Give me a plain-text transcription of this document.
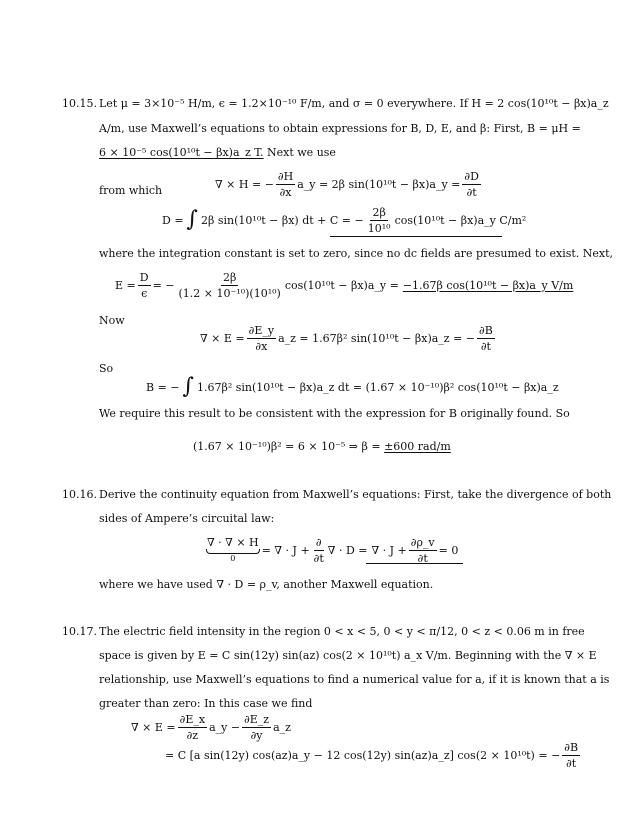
10.15. Let μ = 3×10⁻⁵ H/m, ϵ = 1.2×10⁻¹⁰ F/m, and σ = 0 everywhere. If H = 2 cos(10¹⁰t − βx)a_z
A/m, use Maxwell’s equations to obtain expressions for B, D, E, and β: First, B = μH =
6 × 10⁻⁵ cos(10¹⁰t − βx)a_z T. Next we use
∇ × H = − $\frac{\partial H}{\partial x}$ a_y = 2β sin(10¹⁰t − βx)a_y = $\frac{\partial D}{\partial t}$
from which
D = ∫ 2β sin(10¹⁰t − βx) dt + C = − $\frac{2\beta}{\text{10¹⁰}} \cos(10^{10}t$ − βx)a_y C/m²
where the integration constant is set to zero, since no dc fields are presumed to exist. Next,
$E = \frac{D}{\epsilon}$ = − $\frac{2\beta}{\text{(1.2 × 10⁻¹⁰)(10¹⁰)}} \cos(10^{10}t$ − βx)a_y = −1.67β cos(10¹⁰t − βx)a_y V/m
Now
∇ × $E = \frac{\partial E\_y}{\partial x}$ a_z = 1.67β² sin(10¹⁰t − βx)a_z = − $\frac{\partial B}{\partial t}$
So
B = − ∫ 1.67β² sin(10¹⁰t − βx)a_z dt = (1.67 × 10⁻¹⁰)β² cos(10¹⁰t − βx)a_z
We require this result to be consistent with the expression for B originally found. So
(1.67 × 10⁻¹⁰)β² = 6 × 10⁻⁵ ⇒ β = ±600 rad/m
10.16. Derive the continuity equation from Maxwell’s equations: First, take the divergence of both
sides of Ampere’s circuital law:
∇ · ∇ × H
0
= ∇ · $J + \frac{\partial}{\partial t}$ ∇ · D = ∇ · $J + \frac{\partial\rho\_v}{\partial t} = 0$
where we have used ∇ · D = ρ_v, another Maxwell equation.
10.17. The electric field intensity in the region 0 < x < 5, 0 < y < π/12, 0 < z < 0.06 m in free
space is given by E = C sin(12y) sin(az) cos(2 × 10¹⁰t) a_x V/m. Beginning with the ∇ × E
relationship, use Maxwell’s equations to find a numerical value for a, if it is known that a is
greater than zero: In this case we find
∇ × $E = \frac{\partial E\_x}{\partial z}$ a_y − $\frac{\partial E\_z}{\partial y}$ a_z
= C [a sin(12y) cos(az)a_y − 12 cos(12y) sin(az)a_z] cos(2 × 10¹⁰t) = − $\frac{\partial B}{\partial t}$
